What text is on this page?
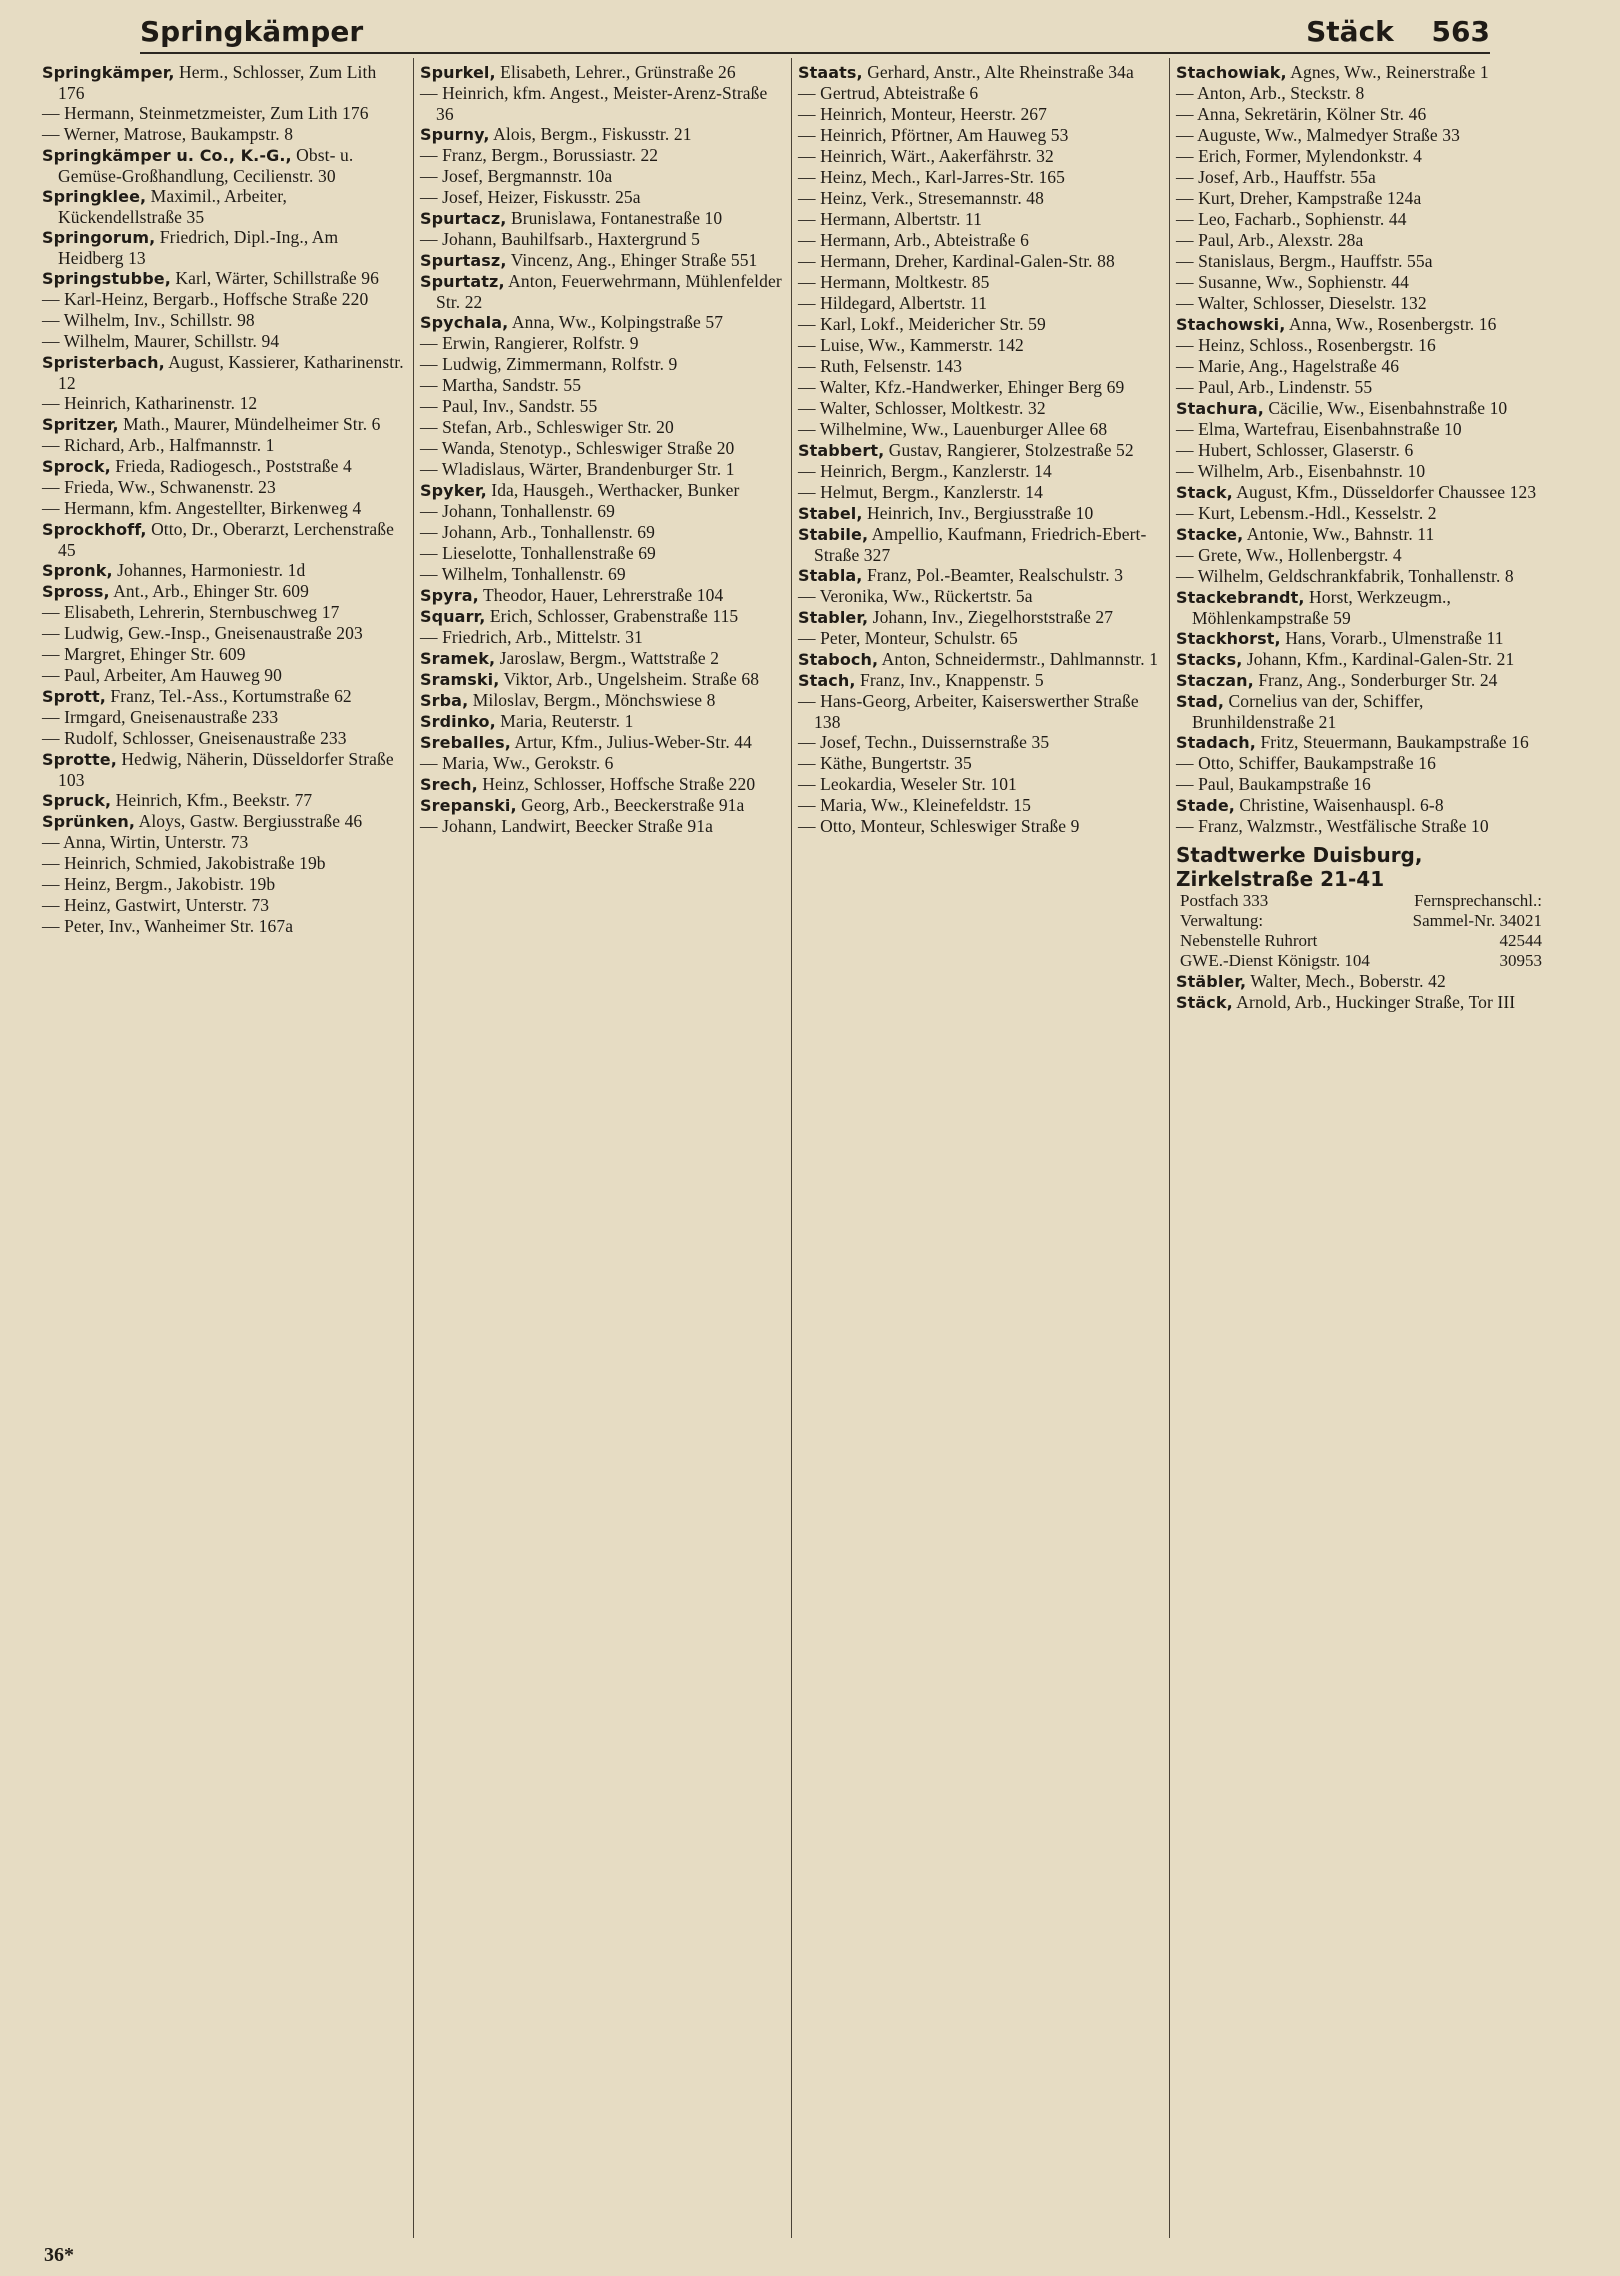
Springkämper	Stäck 563

Springkämper, Herm., Schlosser, Zum Lith 176

— Hermann, Steinmetzmeister, Zum Lith 176

— Werner, Matrose, Baukampstr. 8

Springkämper u. Co., K.-G., Obst- u. Gemüse-Großhandlung, Cecilienstr. 30

Springklee, Maximil., Arbeiter, Kückendellstraße 35

Springorum, Friedrich, Dipl.-Ing., Am Heidberg 13

Springstubbe, Karl, Wärter, Schillstraße 96

— Karl-Heinz, Bergarb., Hoffsche Straße 220

— Wilhelm, Inv., Schillstr. 98

— Wilhelm, Maurer, Schillstr. 94

Spristerbach, August, Kassierer, Katharinenstr. 12

— Heinrich, Katharinenstr. 12

Spritzer, Math., Maurer, Mündelheimer Str. 6

— Richard, Arb., Halfmannstr. 1

Sprock, Frieda, Radiogesch., Poststraße 4

— Frieda, Ww., Schwanenstr. 23

— Hermann, kfm. Angestellter, Birkenweg 4

Sprockhoff, Otto, Dr., Oberarzt, Lerchenstraße 45

Spronk, Johannes, Harmoniestr. 1d

Spross, Ant., Arb., Ehinger Str. 609

— Elisabeth, Lehrerin, Sternbuschweg 17

— Ludwig, Gew.-Insp., Gneisenaustraße 203

— Margret, Ehinger Str. 609

— Paul, Arbeiter, Am Hauweg 90

Sprott, Franz, Tel.-Ass., Kortumstraße 62

— Irmgard, Gneisenaustraße 233

— Rudolf, Schlosser, Gneisenaustraße 233

Sprotte, Hedwig, Näherin, Düsseldorfer Straße 103

Spruck, Heinrich, Kfm., Beekstr. 77

Sprünken, Aloys, Gastw. Bergiusstraße 46

— Anna, Wirtin, Unterstr. 73

— Heinrich, Schmied, Jakobistraße 19b

— Heinz, Bergm., Jakobistr. 19b

— Heinz, Gastwirt, Unterstr. 73

— Peter, Inv., Wanheimer Str. 167a

Spurkel, Elisabeth, Lehrer., Grünstraße 26

— Heinrich, kfm. Angest., Meister-Arenz-Straße 36

Spurny, Alois, Bergm., Fiskusstr. 21

— Franz, Bergm., Borussiastr. 22

— Josef, Bergmannstr. 10a

— Josef, Heizer, Fiskusstr. 25a

Spurtacz, Brunislawa, Fontanestraße 10

— Johann, Bauhilfsarb., Haxtergrund 5

Spurtasz, Vincenz, Ang., Ehinger Straße 551

Spurtatz, Anton, Feuerwehrmann, Mühlenfelder Str. 22

Spychala, Anna, Ww., Kolpingstraße 57

— Erwin, Rangierer, Rolfstr. 9

— Ludwig, Zimmermann, Rolfstr. 9

— Martha, Sandstr. 55

— Paul, Inv., Sandstr. 55

— Stefan, Arb., Schleswiger Str. 20

— Wanda, Stenotyp., Schleswiger Straße 20

— Wladislaus, Wärter, Brandenburger Str. 1

Spyker, Ida, Hausgeh., Werthacker, Bunker

— Johann, Tonhallenstr. 69

— Johann, Arb., Tonhallenstr. 69

— Lieselotte, Tonhallenstraße 69

— Wilhelm, Tonhallenstr. 69

Spyra, Theodor, Hauer, Lehrerstraße 104

Squarr, Erich, Schlosser, Grabenstraße 115

— Friedrich, Arb., Mittelstr. 31

Sramek, Jaroslaw, Bergm., Wattstraße 2

Sramski, Viktor, Arb., Ungelsheim. Straße 68

Srba, Miloslav, Bergm., Mönchswiese 8

Srdinko, Maria, Reuterstr. 1

Sreballes, Artur, Kfm., Julius-Weber-Str. 44

— Maria, Ww., Gerokstr. 6

Srech, Heinz, Schlosser, Hoffsche Straße 220

Srepanski, Georg, Arb., Beeckerstraße 91a

— Johann, Landwirt, Beecker Straße 91a

Staats, Gerhard, Anstr., Alte Rheinstraße 34a

— Gertrud, Abteistraße 6

— Heinrich, Monteur, Heerstr. 267

— Heinrich, Pförtner, Am Hauweg 53

— Heinrich, Wärt., Aakerfährstr. 32

— Heinz, Mech., Karl-Jarres-Str. 165

— Heinz, Verk., Stresemannstr. 48

— Hermann, Albertstr. 11

— Hermann, Arb., Abteistraße 6

— Hermann, Dreher, Kardinal-Galen-Str. 88

— Hermann, Moltkestr. 85

— Hildegard, Albertstr. 11

— Karl, Lokf., Meidericher Str. 59

— Luise, Ww., Kammerstr. 142

— Ruth, Felsenstr. 143

— Walter, Kfz.-Handwerker, Ehinger Berg 69

— Walter, Schlosser, Moltkestr. 32

— Wilhelmine, Ww., Lauenburger Allee 68

Stabbert, Gustav, Rangierer, Stolzestraße 52

— Heinrich, Bergm., Kanzlerstr. 14

— Helmut, Bergm., Kanzlerstr. 14

Stabel, Heinrich, Inv., Bergiusstraße 10

Stabile, Ampellio, Kaufmann, Friedrich-Ebert-Straße 327

Stabla, Franz, Pol.-Beamter, Realschulstr. 3

— Veronika, Ww., Rückertstr. 5a

Stabler, Johann, Inv., Ziegelhorststraße 27

— Peter, Monteur, Schulstr. 65

Staboch, Anton, Schneidermstr., Dahlmannstr. 1

Stach, Franz, Inv., Knappenstr. 5

— Hans-Georg, Arbeiter, Kaiserswerther Straße 138

— Josef, Techn., Duissernstraße 35

— Käthe, Bungertstr. 35

— Leokardia, Weseler Str. 101

— Maria, Ww., Kleinefeldstr. 15

— Otto, Monteur, Schleswiger Straße 9

Stachowiak, Agnes, Ww., Reinerstraße 1

— Anton, Arb., Steckstr. 8

— Anna, Sekretärin, Kölner Str. 46

— Auguste, Ww., Malmedyer Straße 33

— Erich, Former, Mylendonkstr. 4

— Josef, Arb., Hauffstr. 55a

— Kurt, Dreher, Kampstraße 124a

— Leo, Facharb., Sophienstr. 44

— Paul, Arb., Alexstr. 28a

— Stanislaus, Bergm., Hauffstr. 55a

— Susanne, Ww., Sophienstr. 44

— Walter, Schlosser, Dieselstr. 132

Stachowski, Anna, Ww., Rosenbergstr. 16

— Heinz, Schloss., Rosenbergstr. 16

— Marie, Ang., Hagelstraße 46

— Paul, Arb., Lindenstr. 55

Stachura, Cäcilie, Ww., Eisenbahnstraße 10

— Elma, Wartefrau, Eisenbahnstraße 10

— Hubert, Schlosser, Glaserstr. 6

— Wilhelm, Arb., Eisenbahnstr. 10

Stack, August, Kfm., Düsseldorfer Chaussee 123

— Kurt, Lebensm.-Hdl., Kesselstr. 2

Stacke, Antonie, Ww., Bahnstr. 11

— Grete, Ww., Hollenbergstr. 4

— Wilhelm, Geldschrankfabrik, Tonhallenstr. 8

Stackebrandt, Horst, Werkzeugm., Möhlenkampstraße 59

Stackhorst, Hans, Vorarb., Ulmenstraße 11

Stacks, Johann, Kfm., Kardinal-Galen-Str. 21

Staczan, Franz, Ang., Sonderburger Str. 24

Stad, Cornelius van der, Schiffer, Brunhildenstraße 21

Stadach, Fritz, Steuermann, Baukampstraße 16

— Otto, Schiffer, Baukampstraße 16

— Paul, Baukampstraße 16

Stade, Christine, Waisenhauspl. 6-8

— Franz, Walzmstr., Westfälische Straße 10

Stadtwerke Duisburg,
Zirkelstraße 21-41
Postfach 333	Fernsprechanschl.:
Verwaltung:	Sammel-Nr. 34021
Nebenstelle Ruhrort	42544
GWE.-Dienst Königstr. 104	30953

Stäbler, Walter, Mech., Boberstr. 42

Stäck, Arnold, Arb., Huckinger Straße, Tor III

36*
